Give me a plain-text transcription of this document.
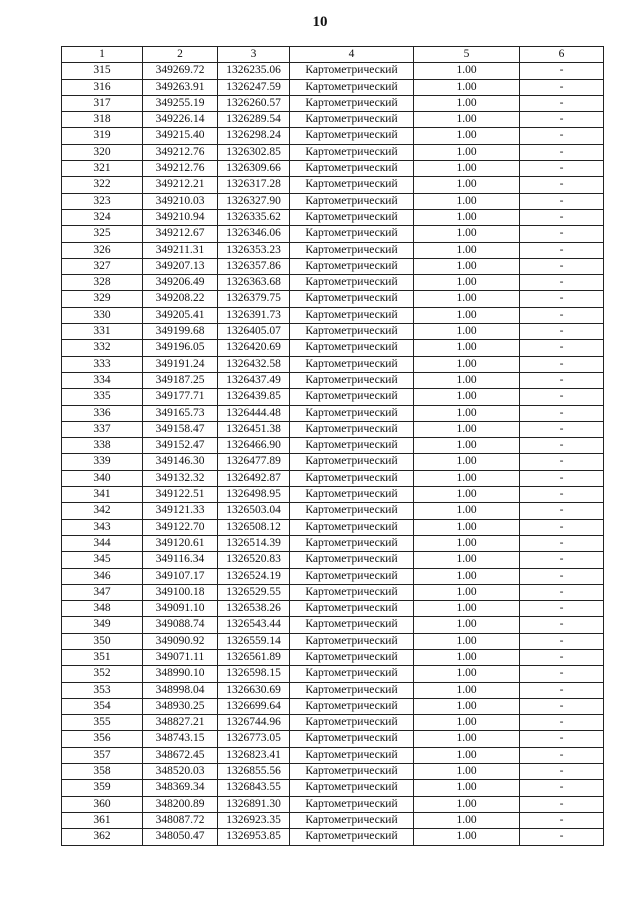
10
1	2	3	4	5	6
315	349269.72	1326235.06	Картометрический	1.00	-
316	349263.91	1326247.59	Картометрический	1.00	-
317	349255.19	1326260.57	Картометрический	1.00	-
318	349226.14	1326289.54	Картометрический	1.00	-
319	349215.40	1326298.24	Картометрический	1.00	-
320	349212.76	1326302.85	Картометрический	1.00	-
321	349212.76	1326309.66	Картометрический	1.00	-
322	349212.21	1326317.28	Картометрический	1.00	-
323	349210.03	1326327.90	Картометрический	1.00	-
324	349210.94	1326335.62	Картометрический	1.00	-
325	349212.67	1326346.06	Картометрический	1.00	-
326	349211.31	1326353.23	Картометрический	1.00	-
327	349207.13	1326357.86	Картометрический	1.00	-
328	349206.49	1326363.68	Картометрический	1.00	-
329	349208.22	1326379.75	Картометрический	1.00	-
330	349205.41	1326391.73	Картометрический	1.00	-
331	349199.68	1326405.07	Картометрический	1.00	-
332	349196.05	1326420.69	Картометрический	1.00	-
333	349191.24	1326432.58	Картометрический	1.00	-
334	349187.25	1326437.49	Картометрический	1.00	-
335	349177.71	1326439.85	Картометрический	1.00	-
336	349165.73	1326444.48	Картометрический	1.00	-
337	349158.47	1326451.38	Картометрический	1.00	-
338	349152.47	1326466.90	Картометрический	1.00	-
339	349146.30	1326477.89	Картометрический	1.00	-
340	349132.32	1326492.87	Картометрический	1.00	-
341	349122.51	1326498.95	Картометрический	1.00	-
342	349121.33	1326503.04	Картометрический	1.00	-
343	349122.70	1326508.12	Картометрический	1.00	-
344	349120.61	1326514.39	Картометрический	1.00	-
345	349116.34	1326520.83	Картометрический	1.00	-
346	349107.17	1326524.19	Картометрический	1.00	-
347	349100.18	1326529.55	Картометрический	1.00	-
348	349091.10	1326538.26	Картометрический	1.00	-
349	349088.74	1326543.44	Картометрический	1.00	-
350	349090.92	1326559.14	Картометрический	1.00	-
351	349071.11	1326561.89	Картометрический	1.00	-
352	348990.10	1326598.15	Картометрический	1.00	-
353	348998.04	1326630.69	Картометрический	1.00	-
354	348930.25	1326699.64	Картометрический	1.00	-
355	348827.21	1326744.96	Картометрический	1.00	-
356	348743.15	1326773.05	Картометрический	1.00	-
357	348672.45	1326823.41	Картометрический	1.00	-
358	348520.03	1326855.56	Картометрический	1.00	-
359	348369.34	1326843.55	Картометрический	1.00	-
360	348200.89	1326891.30	Картометрический	1.00	-
361	348087.72	1326923.35	Картометрический	1.00	-
362	348050.47	1326953.85	Картометрический	1.00	-
